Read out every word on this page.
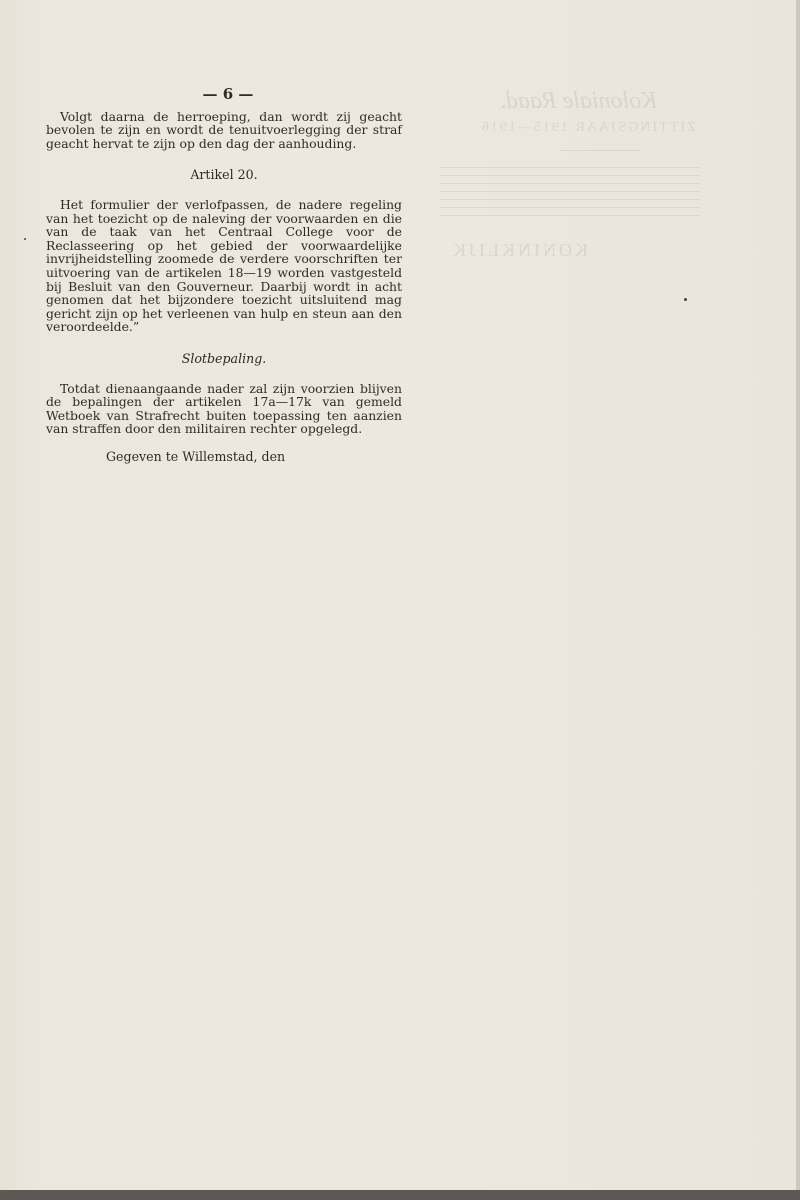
Koloniale Raad.
ZITTINGSJAAR 1915—1916
KONINKLIJK
— 6 —

Volgt daarna de herroeping, dan wordt zij geacht bevolen te zijn en wordt de tenuitvoerlegging der straf geacht hervat te zijn op den dag der aanhouding.

Artikel 20.

Het formulier der verlofpassen, de nadere regeling van het toezicht op de naleving der voorwaarden en die van de taak van het Centraal College voor de Reclasseering op het gebied der voorwaardelijke invrijheidstelling zoomede de verdere voorschriften ter uitvoering van de artikelen 18—19 worden vastgesteld bij Besluit van den Gouverneur. Daarbij wordt in acht genomen dat het bijzondere toezicht uitsluitend mag gericht zijn op het verleenen van hulp en steun aan den veroordeelde.”

Slotbepaling.

Totdat dienaangaande nader zal zijn voorzien blijven de bepalingen der artikelen 17a—17k van gemeld Wetboek van Strafrecht buiten toepassing ten aanzien van straffen door den militairen rechter opgelegd.

Gegeven te Willemstad, den
